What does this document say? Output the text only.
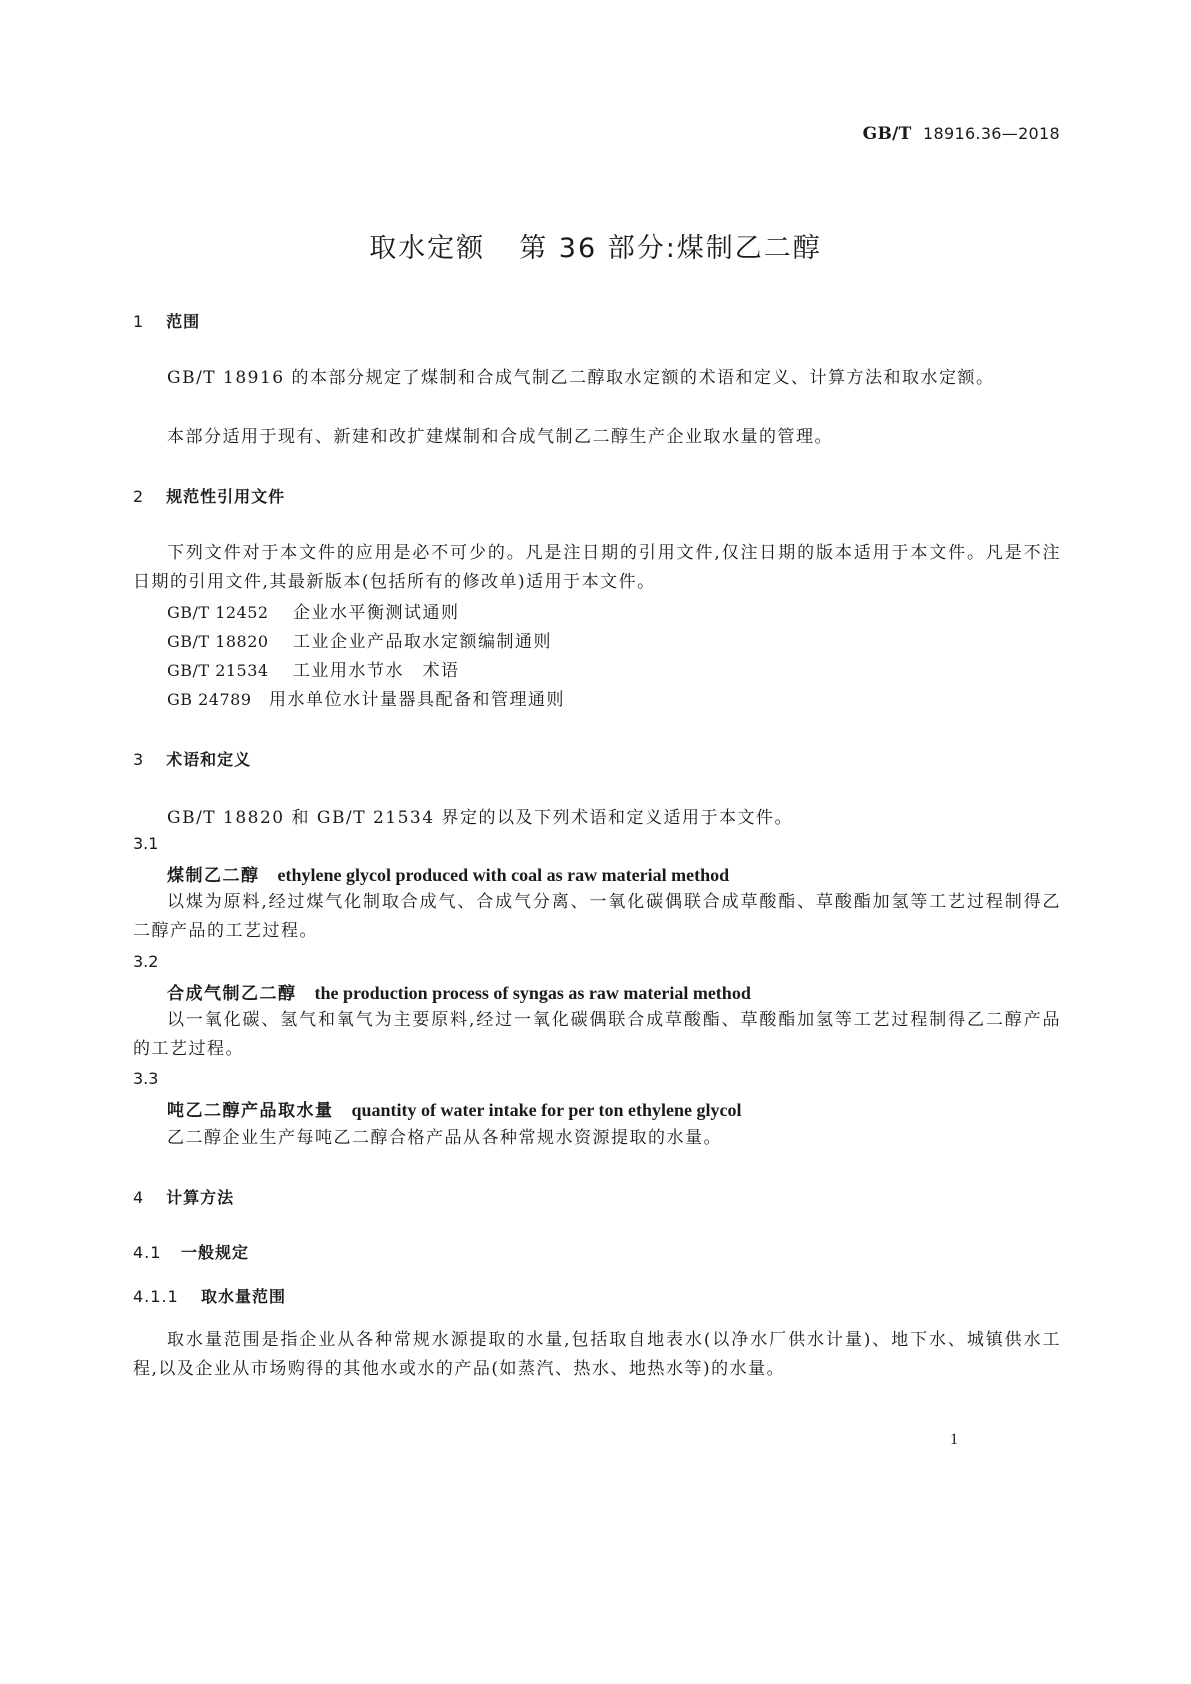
GB/T 18916.36—2018
取水定额 第 36 部分:煤制乙二醇
1 范围
GB/T 18916 的本部分规定了煤制和合成气制乙二醇取水定额的术语和定义、计算方法和取水定额。
本部分适用于现有、新建和改扩建煤制和合成气制乙二醇生产企业取水量的管理。
2 规范性引用文件
下列文件对于本文件的应用是必不可少的。凡是注日期的引用文件,仅注日期的版本适用于本文件。凡是不注日期的引用文件,其最新版本(包括所有的修改单)适用于本文件。
GB/T 12452 企业水平衡测试通则
GB/T 18820 工业企业产品取水定额编制通则
GB/T 21534 工业用水节水　术语
GB 24789 用水单位水计量器具配备和管理通则
3 术语和定义
GB/T 18820 和 GB/T 21534 界定的以及下列术语和定义适用于本文件。
3.1
煤制乙二醇 ethylene glycol produced with coal as raw material method
以煤为原料,经过煤气化制取合成气、合成气分离、一氧化碳偶联合成草酸酯、草酸酯加氢等工艺过程制得乙二醇产品的工艺过程。
3.2
合成气制乙二醇 the production process of syngas as raw material method
以一氧化碳、氢气和氧气为主要原料,经过一氧化碳偶联合成草酸酯、草酸酯加氢等工艺过程制得乙二醇产品的工艺过程。
3.3
吨乙二醇产品取水量 quantity of water intake for per ton ethylene glycol
乙二醇企业生产每吨乙二醇合格产品从各种常规水资源提取的水量。
4 计算方法
4.1 一般规定
4.1.1 取水量范围
取水量范围是指企业从各种常规水源提取的水量,包括取自地表水(以净水厂供水计量)、地下水、城镇供水工程,以及企业从市场购得的其他水或水的产品(如蒸汽、热水、地热水等)的水量。
1
